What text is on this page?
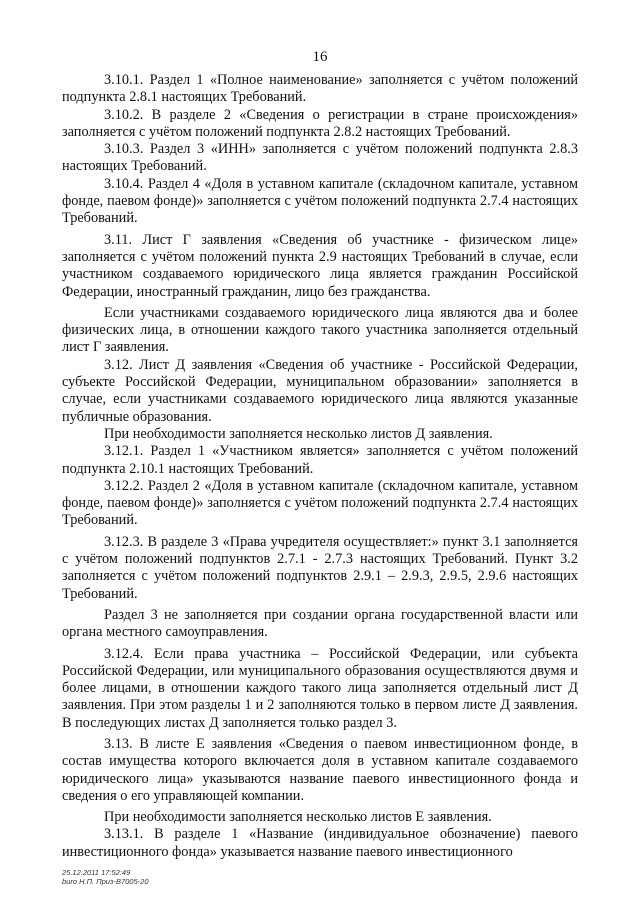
16

3.10.1. Раздел 1 «Полное наименование» заполняется с учётом положений подпункта 2.8.1 настоящих Требований.

3.10.2. В разделе 2 «Сведения о регистрации в стране происхождения» заполняется с учётом положений подпункта 2.8.2 настоящих Требований.

3.10.3. Раздел 3 «ИНН» заполняется с учётом положений подпункта 2.8.3 настоящих Требований.

3.10.4. Раздел 4 «Доля в уставном капитале (складочном капитале, уставном фонде, паевом фонде)» заполняется с учётом положений подпункта 2.7.4 настоящих Требований.

3.11. Лист Г заявления «Сведения об участнике - физическом лице» заполняется с учётом положений пункта 2.9 настоящих Требований в случае, если участником создаваемого юридического лица является гражданин Российской Федерации, иностранный гражданин, лицо без гражданства.

Если участниками создаваемого юридического лица являются два и более физических лица, в отношении каждого такого участника заполняется отдельный лист Г заявления.

3.12. Лист Д заявления «Сведения об участнике - Российской Федерации, субъекте Российской Федерации, муниципальном образовании» заполняется в случае, если участниками создаваемого юридического лица являются указанные публичные образования.

При необходимости заполняется несколько листов Д заявления.

3.12.1. Раздел 1 «Участником является» заполняется с учётом положений подпункта 2.10.1 настоящих Требований.

3.12.2. Раздел 2 «Доля в уставном капитале (складочном капитале, уставном фонде, паевом фонде)» заполняется с учётом положений подпункта 2.7.4 настоящих Требований.

3.12.3. В разделе 3 «Права учредителя осуществляет:» пункт 3.1 заполняется с учётом положений подпунктов 2.7.1 - 2.7.3 настоящих Требований. Пункт 3.2 заполняется с учётом положений подпунктов 2.9.1 – 2.9.3, 2.9.5, 2.9.6 настоящих Требований.

Раздел 3 не заполняется при создании органа государственной власти или органа местного самоуправления.

3.12.4. Если права участника – Российской Федерации, или субъекта Российской Федерации, или муниципального образования осуществляются двумя и более лицами, в отношении каждого такого лица заполняется отдельный лист Д заявления. При этом разделы 1 и 2 заполняются только в первом листе Д заявления. В последующих листах Д заполняется только раздел 3.

3.13. В листе Е заявления «Сведения о паевом инвестиционном фонде, в состав имущества которого включается доля в уставном капитале создаваемого юридического лица» указываются название паевого инвестиционного фонда и сведения о его управляющей компании.

При необходимости заполняется несколько листов Е заявления.

3.13.1. В разделе 1 «Название (индивидуальное обозначение) паевого инвестиционного фонда» указывается название паевого инвестиционного

25.12.2011 17:52:49
buro Н.П. Приз-В7005-20
